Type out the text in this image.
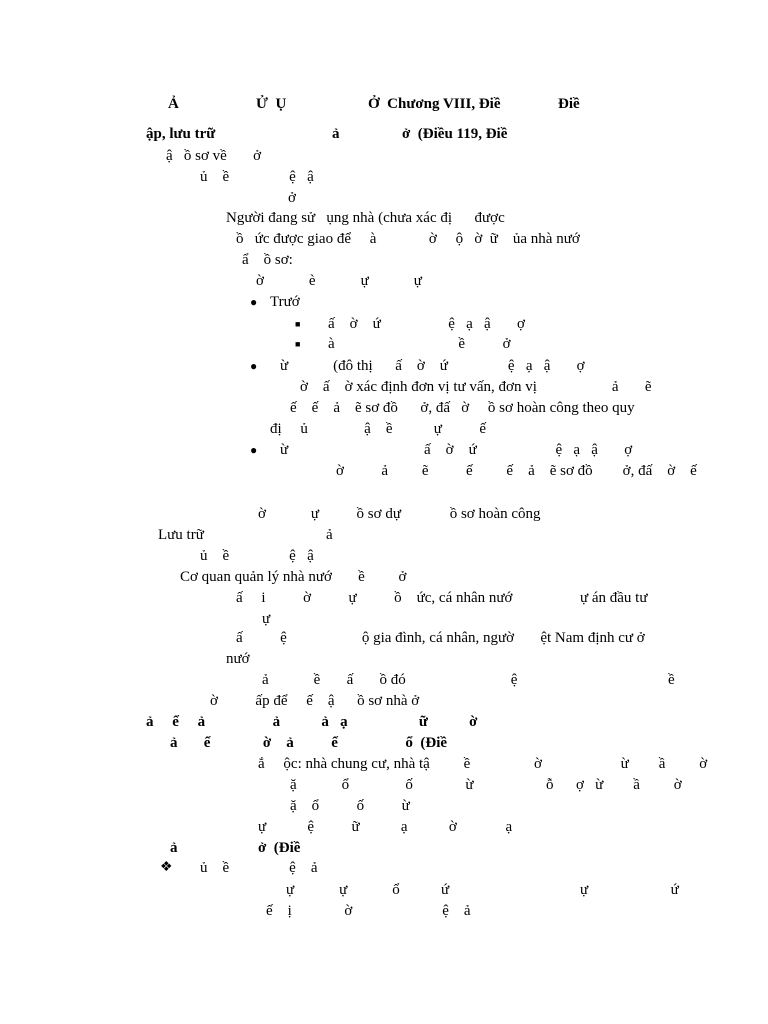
Ả	Ử  Ụ	Ở  Chương VIII, Điề	Điề
ập, lưu trữ	ả	ở  (Điều 119, Điề
ậ   ồ sơ về       ở
ủ    ề                ệ   ậ
ở
Người đang sử   ụng nhà (chưa xác đị      được
ồ   ức được giao để     à              ờ     ộ   ờ  ữ    ủa nhà nướ
ẩ    ồ sơ:
ờ            è            ự            ự
● Trướ
■ ấ    ờ    ứ                  ệ   ạ   ậ       ợ
■ à                                 ề          ở
● ừ            (đô thị      ấ    ờ    ứ                ệ   ạ   ậ       ợ
ờ    ấ    ờ xác định đơn vị tư vấn, đơn vị                    ả       ẽ
ế    ế    ả    ẽ sơ đồ      ở, đấ   ờ     ồ sơ hoàn công theo quy
đị     ủ               ậ    ề           ự          ế
● ừ	ấ    ờ    ứ                     ệ   ạ   ậ       ợ
ờ          ả         ẽ          ế         ế    ả    ẽ sơ đồ        ở, đấ    ờ    ế
ờ            ự          ồ sơ dự             ồ sơ hoàn công
Lưu trữ	ả
ủ    ề                ệ   ậ
Cơ quan quản lý nhà nướ       ề         ở
ấ     i          ờ          ự          ồ    ức, cá nhân nướ                  ự án đầu tư
ự
ấ          ệ                    ộ gia đình, cá nhân, ngườ       ệt Nam định cư ở
nướ
ả            ề       ấ       ồ đó                            ệ	ề
ờ          ấp để     ế    ậ      ồ sơ nhà ở
ả     ể     ả                  ả           ả   ạ                   ữ           ờ
ả       ể              ờ    ả          ể                  ổ  (Điề
ắ     ộc: nhà chung cư, nhà tậ         ề                 ờ                     ừ        ầ         ờ
ặ            ổ               ố              ừ	ỗ      ợ   ừ        ầ         ờ
ặ    ổ          ố          ừ
ự           ệ          ữ           ạ           ờ             ạ
ả	ở  (Điề
❖ ủ    ề                ệ    ả
ự            ự            ổ           ứ	ự                      ứ
ế    ị              ờ                        ệ    ả
